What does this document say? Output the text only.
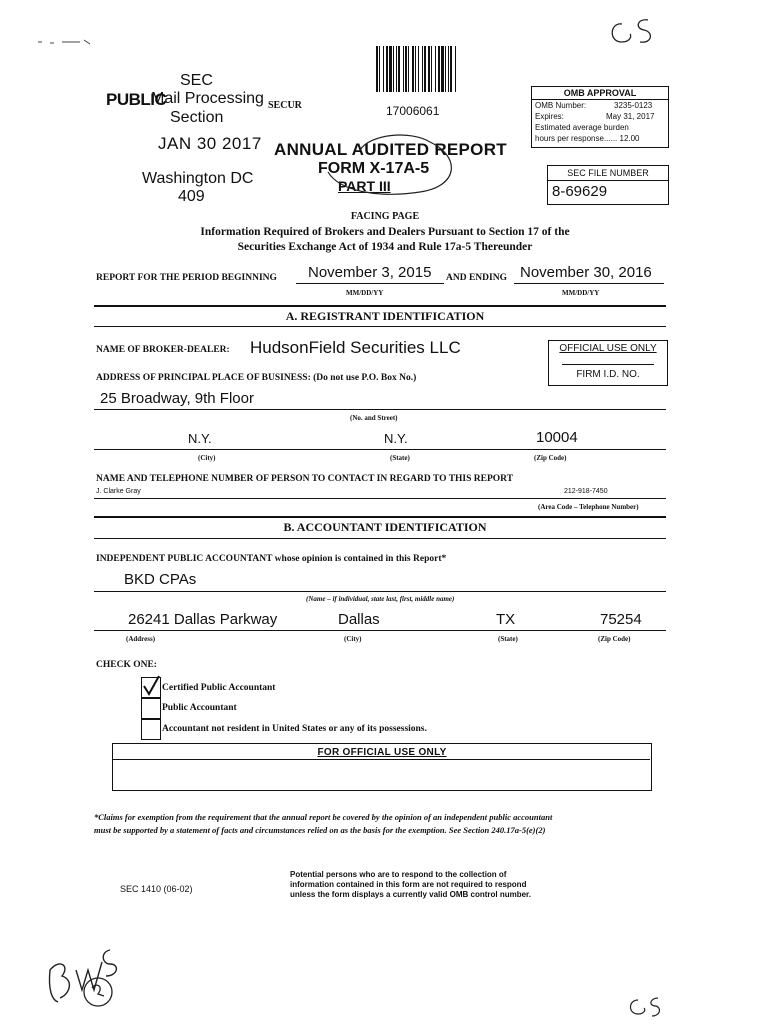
SEC
PUBLIC
Mail Processing
Section
JAN 30 2017
Washington DC
409
SECUR	17006061
ANNUAL AUDITED REPORT
FORM X-17A-5
PART III
OMB APPROVAL
OMB Number:	3235-0123
Expires:	May 31, 2017
Estimated average burden
hours per response...... 12.00
SEC FILE NUMBER
8-69629
FACING PAGE
Information Required of Brokers and Dealers Pursuant to Section 17 of the
Securities Exchange Act of 1934 and Rule 17a-5 Thereunder
REPORT FOR THE PERIOD BEGINNING November 3, 2015 AND ENDING November 30, 2016
MM/DD/YY	MM/DD/YY
A. REGISTRANT IDENTIFICATION
NAME OF BROKER-DEALER: HudsonField Securities LLC	OFFICIAL USE ONLY
FIRM I.D. NO.
ADDRESS OF PRINCIPAL PLACE OF BUSINESS: (Do not use P.O. Box No.)
25 Broadway, 9th Floor
(No. and Street)
N.Y.	N.Y.	10004
(City)	(State)	(Zip Code)
NAME AND TELEPHONE NUMBER OF PERSON TO CONTACT IN REGARD TO THIS REPORT
J. Clarke Gray	212-918-7450
(Area Code – Telephone Number)
B. ACCOUNTANT IDENTIFICATION
INDEPENDENT PUBLIC ACCOUNTANT whose opinion is contained in this Report*
BKD CPAs
(Name – if individual, state last, first, middle name)
26241 Dallas Parkway	Dallas	TX	75254
(Address)	(City)	(State)	(Zip Code)
CHECK ONE:
Certified Public Accountant
Public Accountant
Accountant not resident in United States or any of its possessions.
FOR OFFICIAL USE ONLY
*Claims for exemption from the requirement that the annual report be covered by the opinion of an independent public accountant
must be supported by a statement of facts and circumstances relied on as the basis for the exemption. See Section 240.17a-5(e)(2)
SEC 1410 (06-02)
Potential persons who are to respond to the collection of
information contained in this form are not required to respond
unless the form displays a currently valid OMB control number.
